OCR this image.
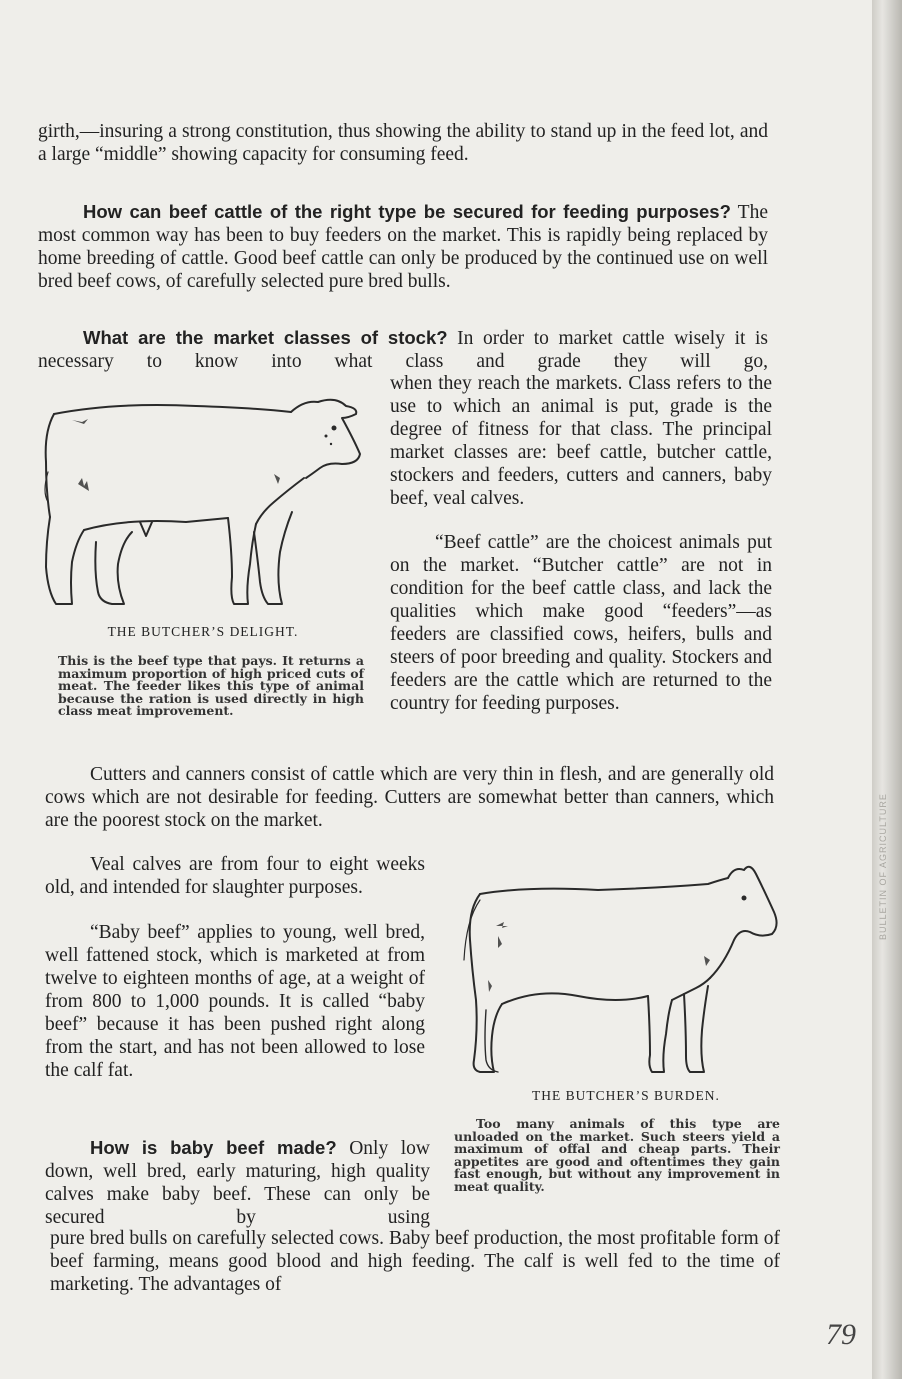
BULLETIN OF AGRICULTURE

girth,—insuring a strong constitution, thus showing the ability to stand up in the feed lot, and a large “middle” showing capacity for consuming feed.

How can beef cattle of the right type be secured for feeding purposes? The most common way has been to buy feeders on the market. This is rapidly being replaced by home breeding of cattle. Good beef cattle can only be produced by the continued use on well bred beef cows, of carefully selected pure bred bulls.

What are the market classes of stock? In order to market cattle wisely it is necessary to know into what class and grade they will go,

when they reach the markets. Class refers to the use to which an animal is put, grade is the degree of fitness for that class. The principal market classes are: beef cattle, butcher cattle, stockers and feeders, cutters and canners, baby beef, veal calves.

THE BUTCHER’S DELIGHT.

This is the beef type that pays. It returns a maximum proportion of high priced cuts of meat. The feeder likes this type of animal because the ration is used directly in high class meat improvement.

“Beef cattle” are the choicest animals put on the market. “Butcher cattle” are not in condition for the beef cattle class, and lack the qualities which make good “feeders”—as feeders are classified cows, heifers, bulls and steers of poor breeding and quality. Stockers and feeders are the cattle which are returned to the country for feeding purposes.

Cutters and canners consist of cattle which are very thin in flesh, and are generally old cows which are not desirable for feeding. Cutters are somewhat better than canners, which are the poorest stock on the market.

Veal calves are from four to eight weeks old, and intended for slaughter purposes.

“Baby beef” applies to young, well bred, well fattened stock, which is marketed at from twelve to eighteen months of age, at a weight of from 800 to 1,000 pounds. It is called “baby beef” because it has been pushed right along from the start, and has not been allowed to lose the calf fat.

How is baby beef made? Only low down, well bred, early maturing, high quality calves make baby beef. These can only be secured by using

THE BUTCHER’S BURDEN.

Too many animals of this type are unloaded on the market. Such steers yield a maximum of offal and cheap parts. Their appetites are good and oftentimes they gain fast enough, but without any improvement in meat quality.

pure bred bulls on carefully selected cows. Baby beef production, the most profitable form of beef farming, means good blood and high feeding. The calf is well fed to the time of marketing. The advantages of

79
